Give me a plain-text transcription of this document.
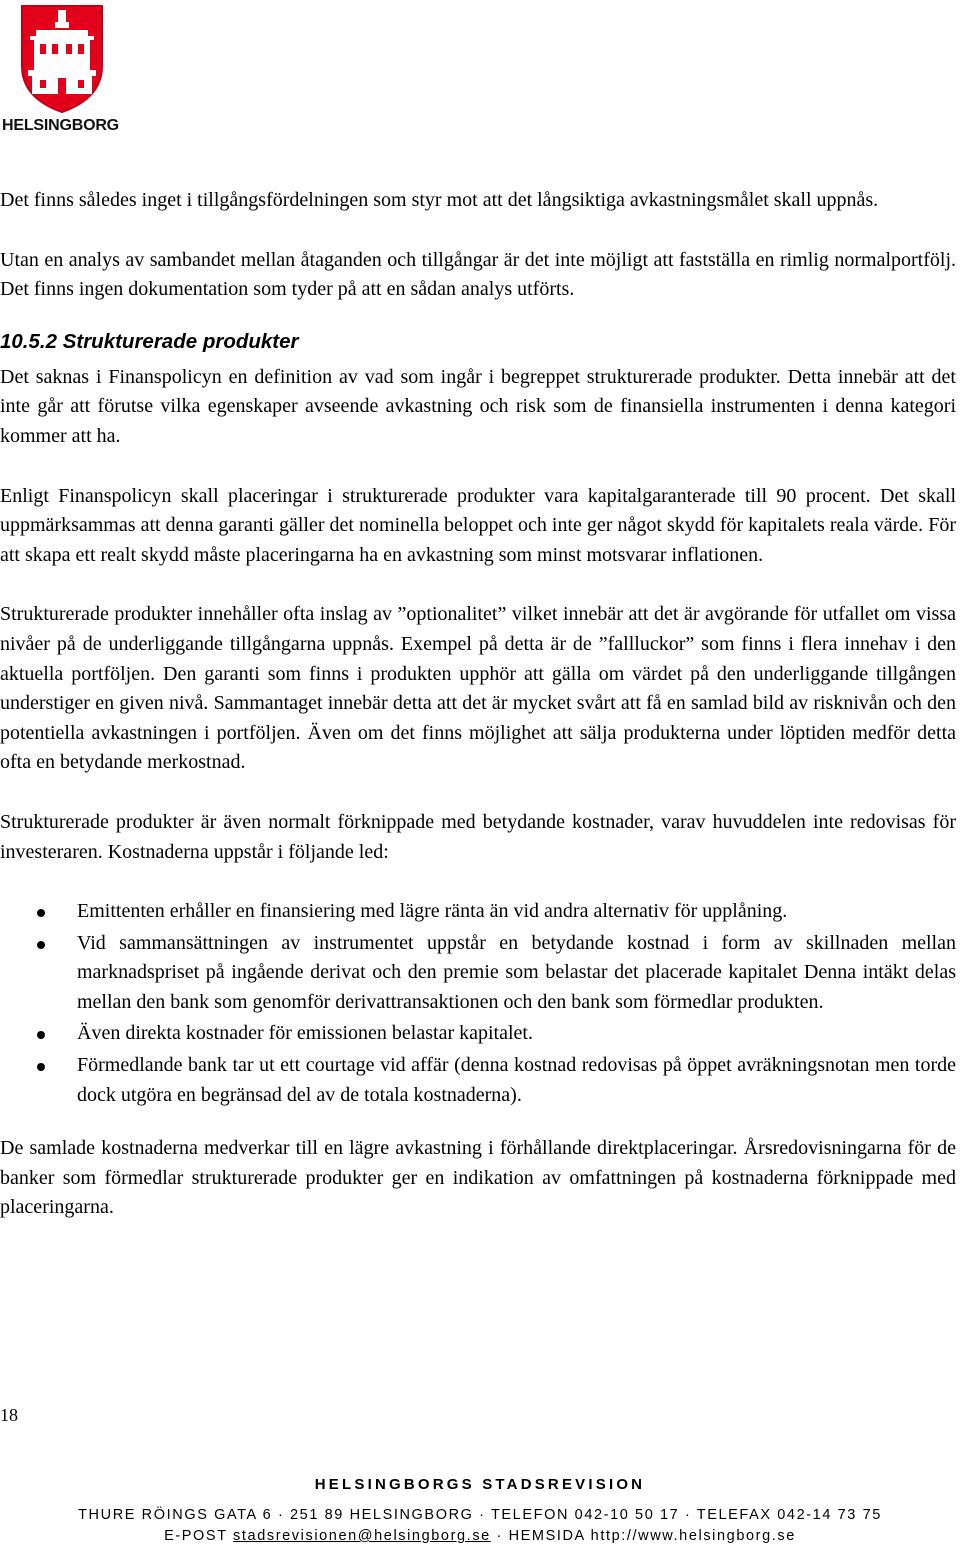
HELSINGBORG

Det finns således inget i tillgångsfördelningen som styr mot att det långsiktiga avkastningsmålet skall uppnås.

Utan en analys av sambandet mellan åtaganden och tillgångar är det inte möjligt att fastställa en rimlig normalportfölj. Det finns ingen dokumentation som tyder på att en sådan analys utförts.

10.5.2 Strukturerade produkter

Det saknas i Finanspolicyn en definition av vad som ingår i begreppet strukturerade produkter. Detta innebär att det inte går att förutse vilka egenskaper avseende avkastning och risk som de finansiella instrumenten i denna kategori kommer att ha.

Enligt Finanspolicyn skall placeringar i strukturerade produkter vara kapitalgaranterade till 90 procent. Det skall uppmärksammas att denna garanti gäller det nominella beloppet och inte ger något skydd för kapitalets reala värde. För att skapa ett realt skydd måste placeringarna ha en avkastning som minst motsvarar inflationen.

Strukturerade produkter innehåller ofta inslag av ”optionalitet” vilket innebär att det är avgörande för utfallet om vissa nivåer på de underliggande tillgångarna uppnås. Exempel på detta är de ”fallluckor” som finns i flera innehav i den aktuella portföljen. Den garanti som finns i produkten upphör att gälla om värdet på den underliggande tillgången understiger en given nivå. Sammantaget innebär detta att det är mycket svårt att få en samlad bild av risknivån och den potentiella avkastningen i portföljen. Även om det finns möjlighet att sälja produkterna under löptiden medför detta ofta en betydande merkostnad.

Strukturerade produkter är även normalt förknippade med betydande kostnader, varav huvuddelen inte redovisas för investeraren. Kostnaderna uppstår i följande led:

Emittenten erhåller en finansiering med lägre ränta än vid andra alternativ för upplåning.
Vid sammansättningen av instrumentet uppstår en betydande kostnad i form av skillnaden mellan marknadspriset på ingående derivat och den premie som belastar det placerade kapitalet Denna intäkt delas mellan den bank som genomför derivattransaktionen och den bank som förmedlar produkten.
Även direkta kostnader för emissionen belastar kapitalet.
Förmedlande bank tar ut ett courtage vid affär (denna kostnad redovisas på öppet avräkningsnotan men torde dock utgöra en begränsad del av de totala kostnaderna).

De samlade kostnaderna medverkar till en lägre avkastning i förhållande direktplaceringar. Årsredovisningarna för de banker som förmedlar strukturerade produkter ger en indikation av omfattningen på kostnaderna förknippade med placeringarna.

18
HELSINGBORGS STADSREVISION
THURE RÖINGS GATA 6 · 251 89 HELSINGBORG · TELEFON 042-10 50 17 · TELEFAX 042-14 73 75
E-POST stadsrevisionen@helsingborg.se · HEMSIDA http://www.helsingborg.se
